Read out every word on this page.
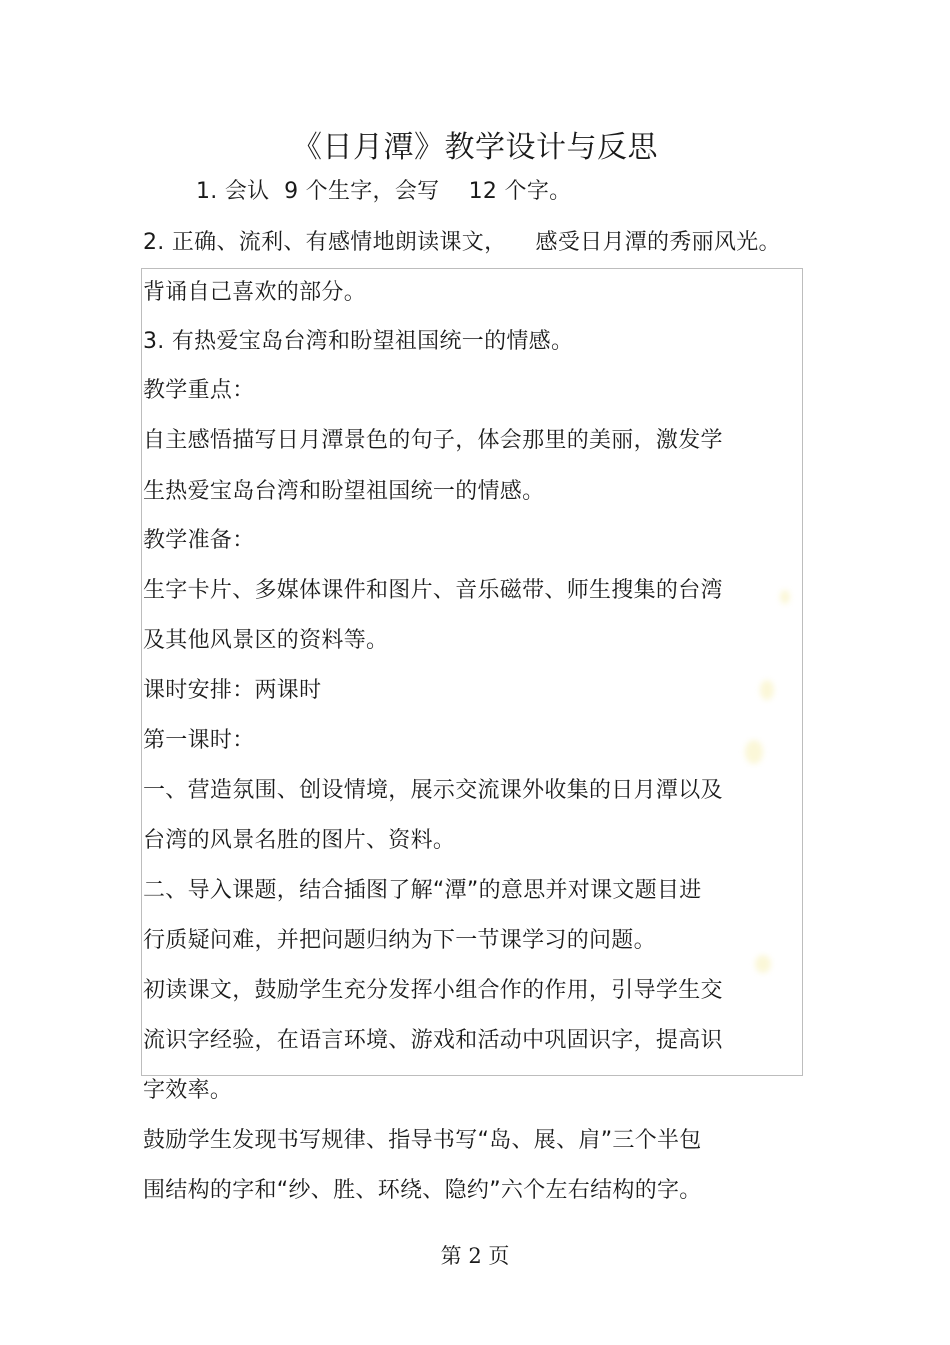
《日月潭》教学设计与反思
1. 会认  9 个生字，会写    12 个字。
2. 正确、流利、有感情地朗读课文，    感受日月潭的秀丽风光。
背诵自己喜欢的部分。
3. 有热爱宝岛台湾和盼望祖国统一的情感。
教学重点：
自主感悟描写日月潭景色的句子，体会那里的美丽，激发学
生热爱宝岛台湾和盼望祖国统一的情感。
教学准备：
生字卡片、多媒体课件和图片、音乐磁带、师生搜集的台湾
及其他风景区的资料等。
课时安排：两课时
第一课时：
一、营造氛围、创设情境，展示交流课外收集的日月潭以及
台湾的风景名胜的图片、资料。
二、导入课题，结合插图了解“潭”的意思并对课文题目进
行质疑问难，并把问题归纳为下一节课学习的问题。
初读课文，鼓励学生充分发挥小组合作的作用，引导学生交
流识字经验，在语言环境、游戏和活动中巩固识字，提高识
字效率。
鼓励学生发现书写规律、指导书写“岛、展、肩”三个半包
围结构的字和“纱、胜、环绕、隐约”六个左右结构的字。
第 2 页
